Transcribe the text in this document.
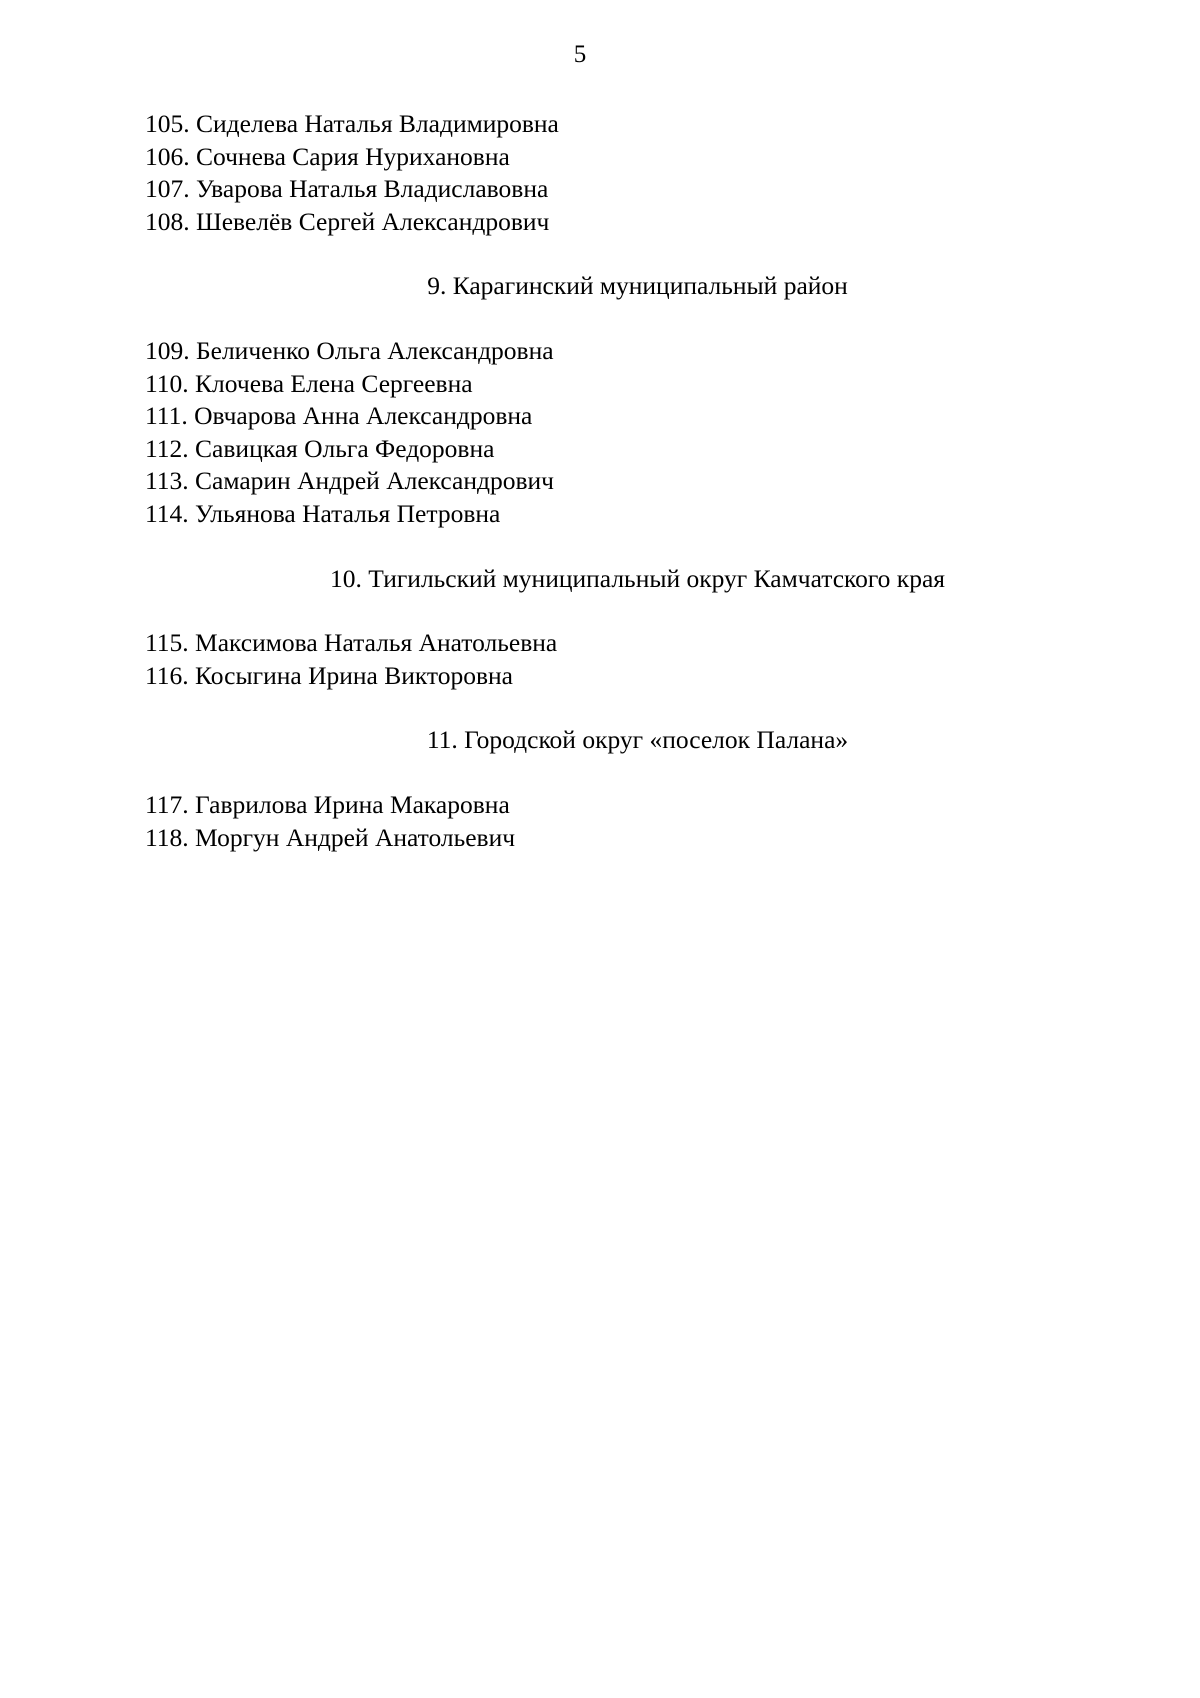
5
105. Сиделева Наталья Владимировна
106. Сочнева Сария Нурихановна
107. Уварова Наталья Владиславовна
108. Шевелёв Сергей Александрович
9. Карагинский муниципальный район
109. Беличенко Ольга Александровна
110. Клочева Елена Сергеевна
111. Овчарова Анна Александровна
112. Савицкая Ольга Федоровна
113. Самарин Андрей Александрович
114. Ульянова Наталья Петровна
10. Тигильский муниципальный округ Камчатского края
115. Максимова Наталья Анатольевна
116. Косыгина Ирина Викторовна
11. Городской округ «поселок Палана»
117. Гаврилова Ирина Макаровна
118. Моргун Андрей Анатольевич
